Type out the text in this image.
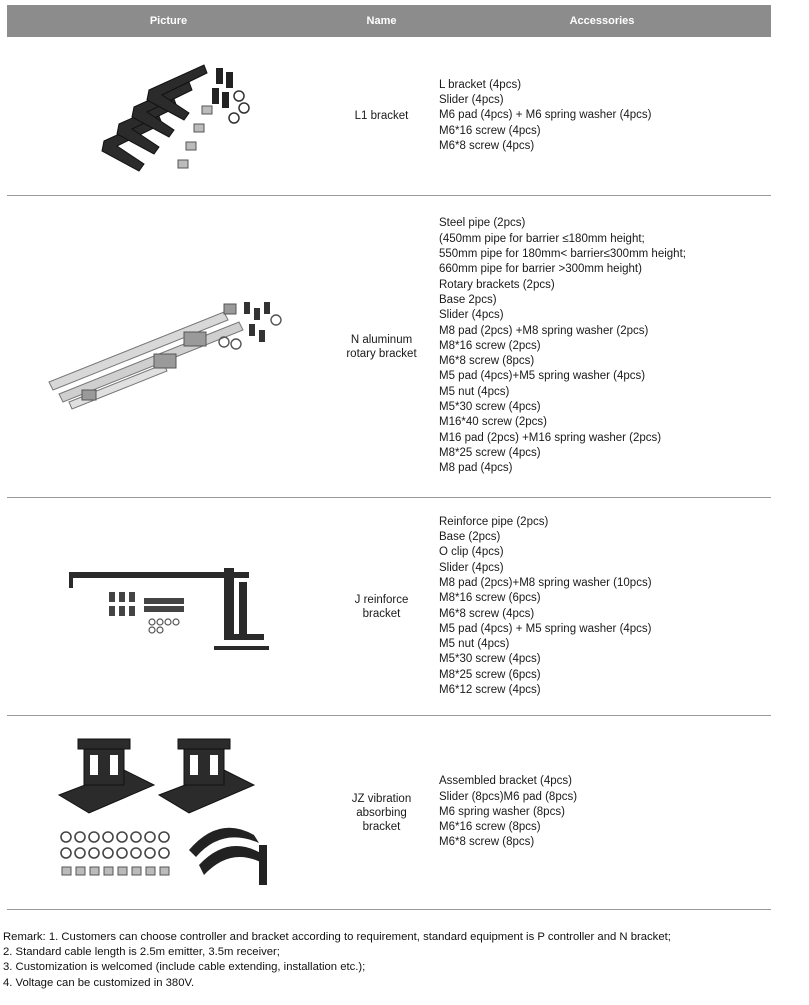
Picture	Name	Accessories
L1 bracket
L bracket (4pcs)
Slider (4pcs)
M6 pad (4pcs) + M6 spring washer (4pcs)
M6*16 screw (4pcs)
M6*8 screw (4pcs)
N aluminum rotary bracket
Steel pipe (2pcs)
(450mm pipe for barrier ≤180mm height;
550mm pipe for 180mm< barrier≤300mm height;
660mm pipe for barrier >300mm height)
Rotary brackets (2pcs)
Base 2pcs)
Slider (4pcs)
M8 pad (2pcs) +M8 spring washer (2pcs)
M8*16 screw (2pcs)
M6*8 screw (8pcs)
M5 pad (4pcs)+M5 spring washer (4pcs)
M5 nut (4pcs)
M5*30 screw (4pcs)
M16*40 screw (2pcs)
M16 pad (2pcs) +M16 spring washer (2pcs)
M8*25 screw (4pcs)
M8 pad (4pcs)
J reinforce bracket
Reinforce pipe (2pcs)
Base (2pcs)
O clip (4pcs)
Slider (4pcs)
M8 pad (2pcs)+M8 spring washer (10pcs)
M8*16 screw (6pcs)
M6*8 screw (4pcs)
M5 pad (4pcs) + M5 spring washer (4pcs)
M5 nut (4pcs)
M5*30 screw (4pcs)
M8*25 screw (6pcs)
M6*12 screw (4pcs)
JZ vibration absorbing bracket
Assembled bracket (4pcs)
Slider (8pcs)M6 pad (8pcs)
M6 spring washer (8pcs)
M6*16 screw (8pcs)
M6*8 screw (8pcs)
Remark: 1. Customers can choose controller and bracket according to requirement, standard equipment is P controller and N bracket;
2. Standard cable length is 2.5m emitter, 3.5m receiver;
3. Customization is welcomed (include cable extending, installation etc.);
4. Voltage can be customized in 380V.
